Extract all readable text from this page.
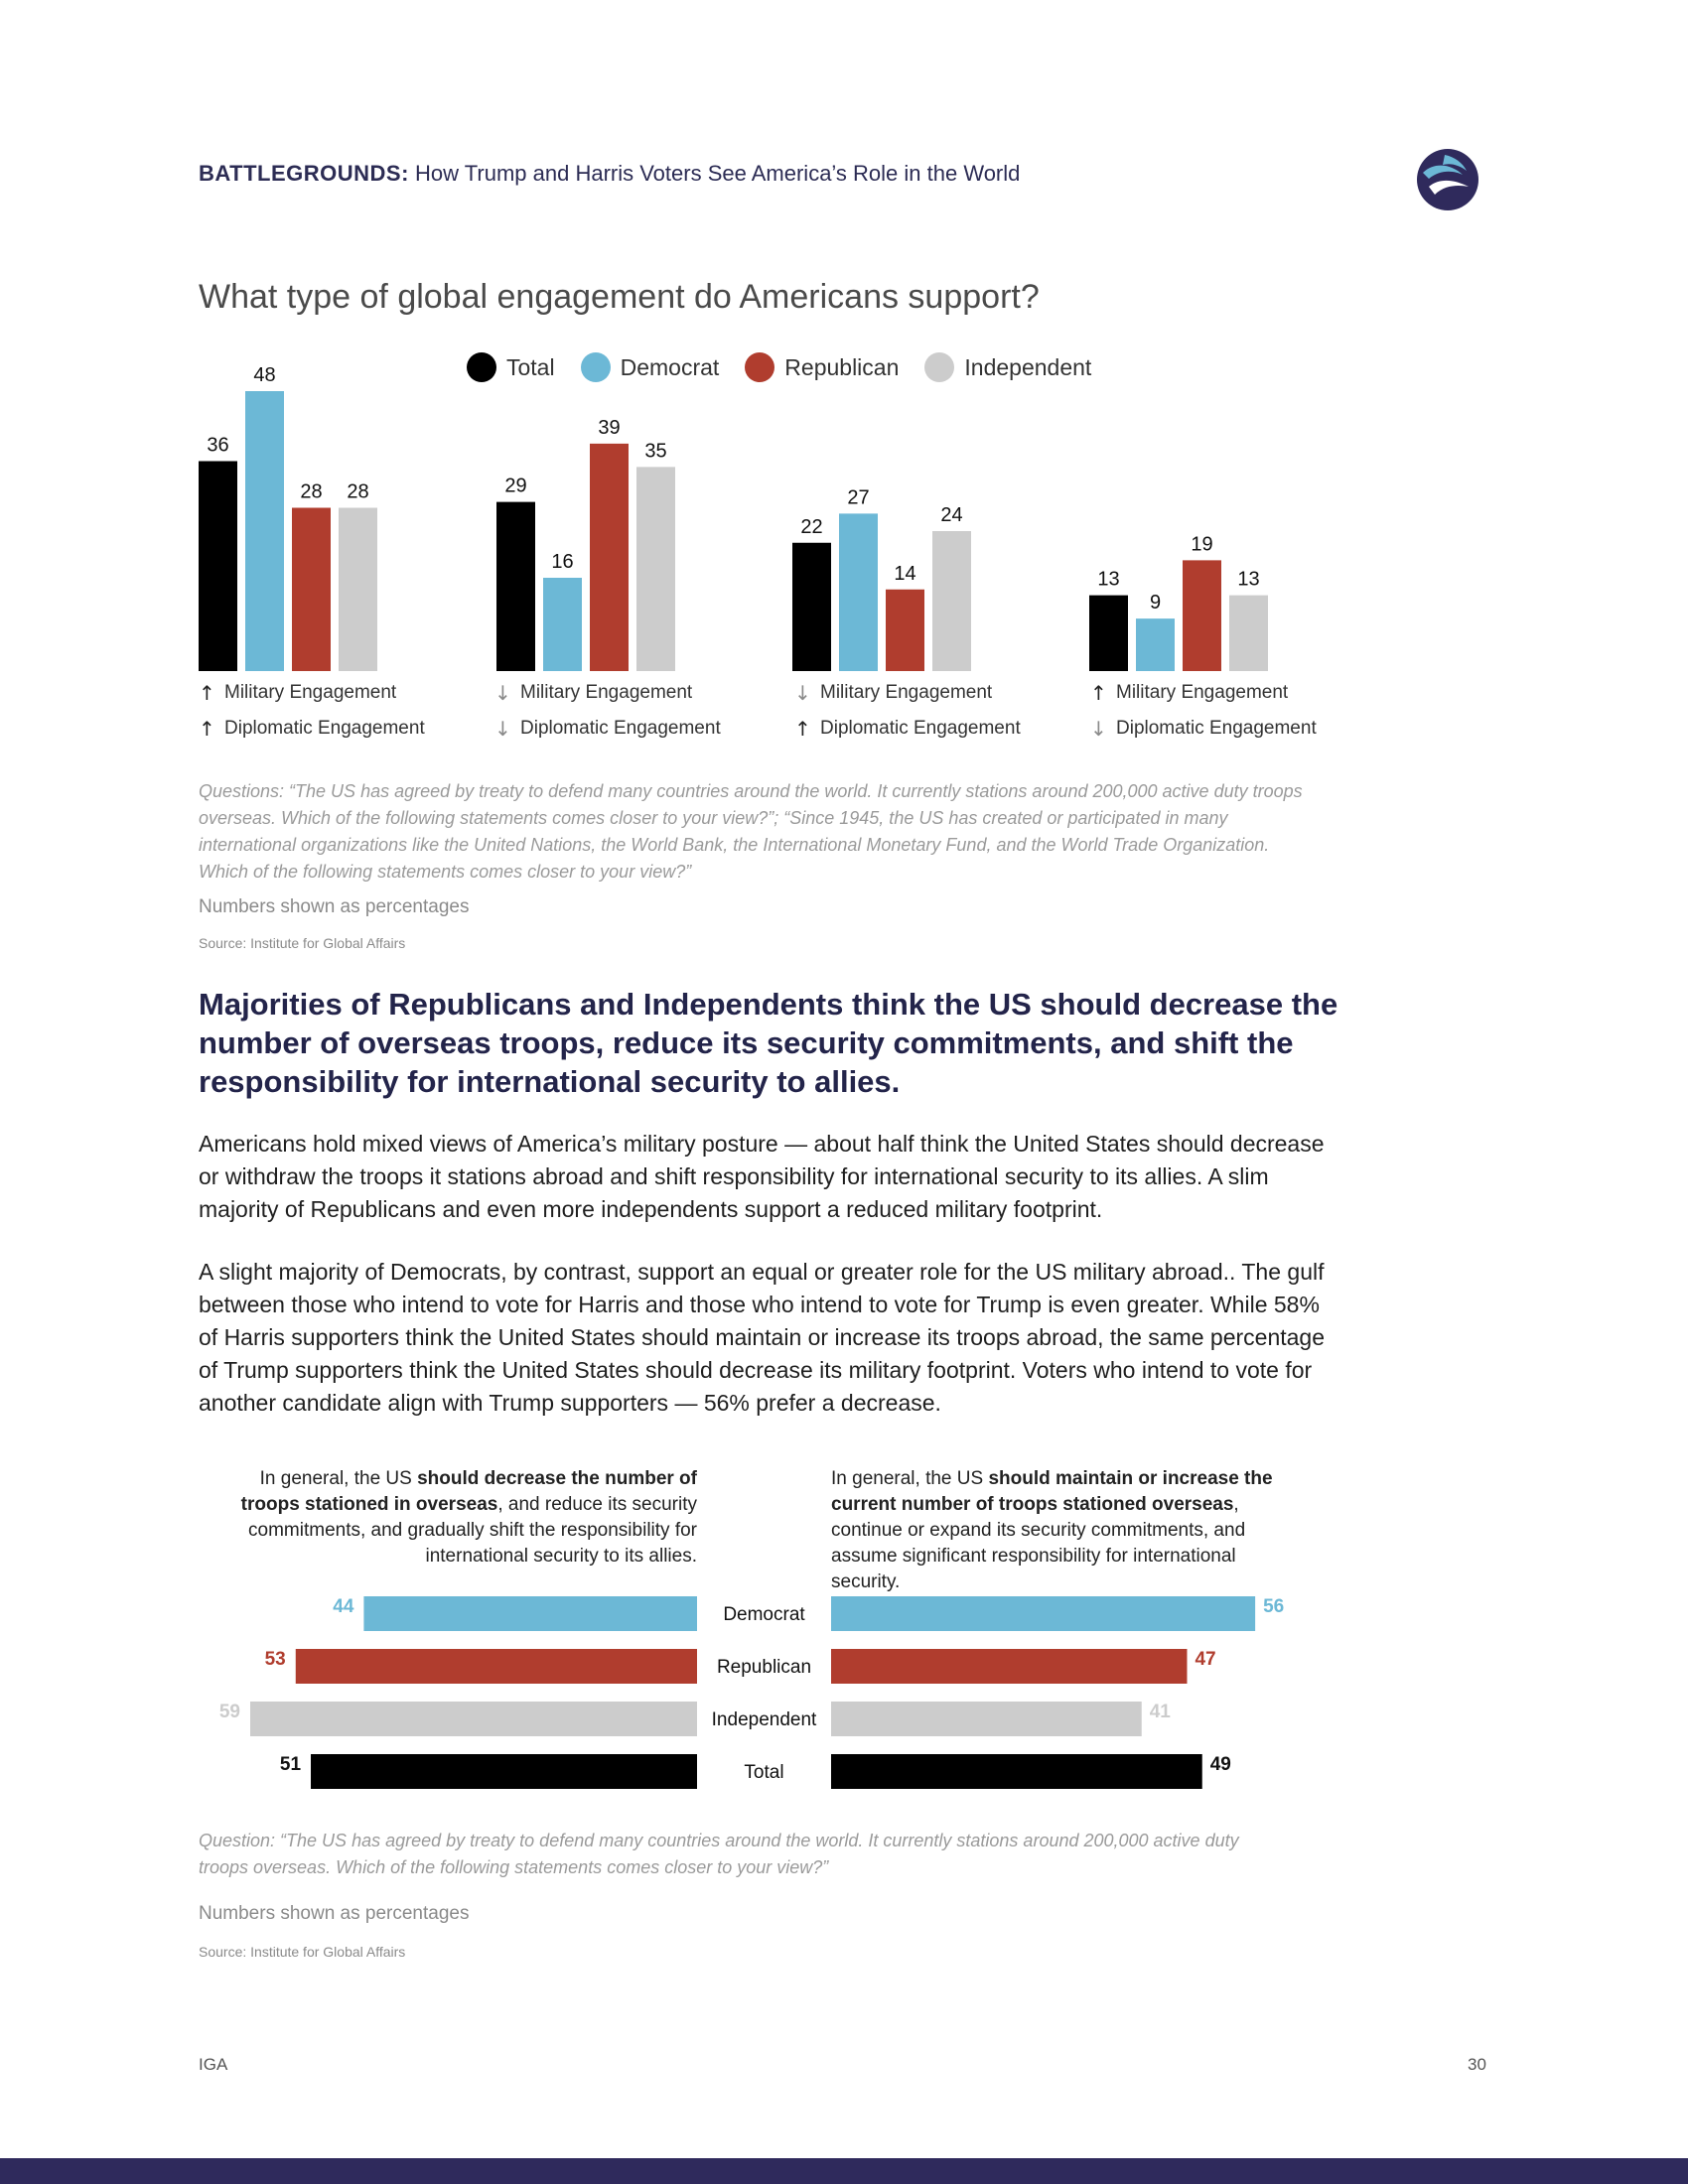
BATTLEGROUNDS: How Trump and Harris Voters See America’s Role in the World
What type of global engagement do Americans support?
Total	Democrat	Republican	Independent
36
48
28 28	29
16
39
35
22
27
14
24
13
9
19
13
↑ Military Engagement
↑ Diplomatic Engagement
↓ Military Engagement
↓ Diplomatic Engagement
↓ Military Engagement
↑ Diplomatic Engagement
↑ Military Engagement
↓ Diplomatic Engagement
Questions: “The US has agreed by treaty to defend many countries around the world. It currently stations around 200,000 active duty troops overseas. Which of the following statements comes closer to your view?”; “Since 1945, the US has created or participated in many international organizations like the United Nations, the World Bank, the International Monetary Fund, and the World Trade Organization. Which of the following statements comes closer to your view?”
Numbers shown as percentages
Source: Institute for Global Affairs
Majorities of Republicans and Independents think the US should decrease the number of overseas troops, reduce its security commitments, and shift the responsibility for international security to allies.
Americans hold mixed views of America’s military posture — about half think the United States should decrease or withdraw the troops it stations abroad and shift responsibility for international security to its allies. A slim majority of Republicans and even more independents support a reduced military footprint.
A slight majority of Democrats, by contrast, support an equal or greater role for the US military abroad.. The gulf between those who intend to vote for Harris and those who intend to vote for Trump is even greater. While 58% of Harris supporters think the United States should maintain or increase its troops abroad, the same percentage of Trump supporters think the United States should decrease its military footprint. Voters who intend to vote for another candidate align with Trump supporters — 56% prefer a decrease.
In general, the US should decrease the number of troops stationed in overseas, and reduce its security commitments, and gradually shift the responsibility for international security to its allies.
In general, the US should maintain or increase the current number of troops stationed overseas, continue or expand its security commitments, and assume significant responsibility for international security.
44	56
Democrat
53	47
Republican
59	41
Independent
51	49
Total
Question: “The US has agreed by treaty to defend many countries around the world. It currently stations around 200,000 active duty troops overseas. Which of the following statements comes closer to your view?”
Numbers shown as percentages
Source: Institute for Global Affairs
IGA	30
